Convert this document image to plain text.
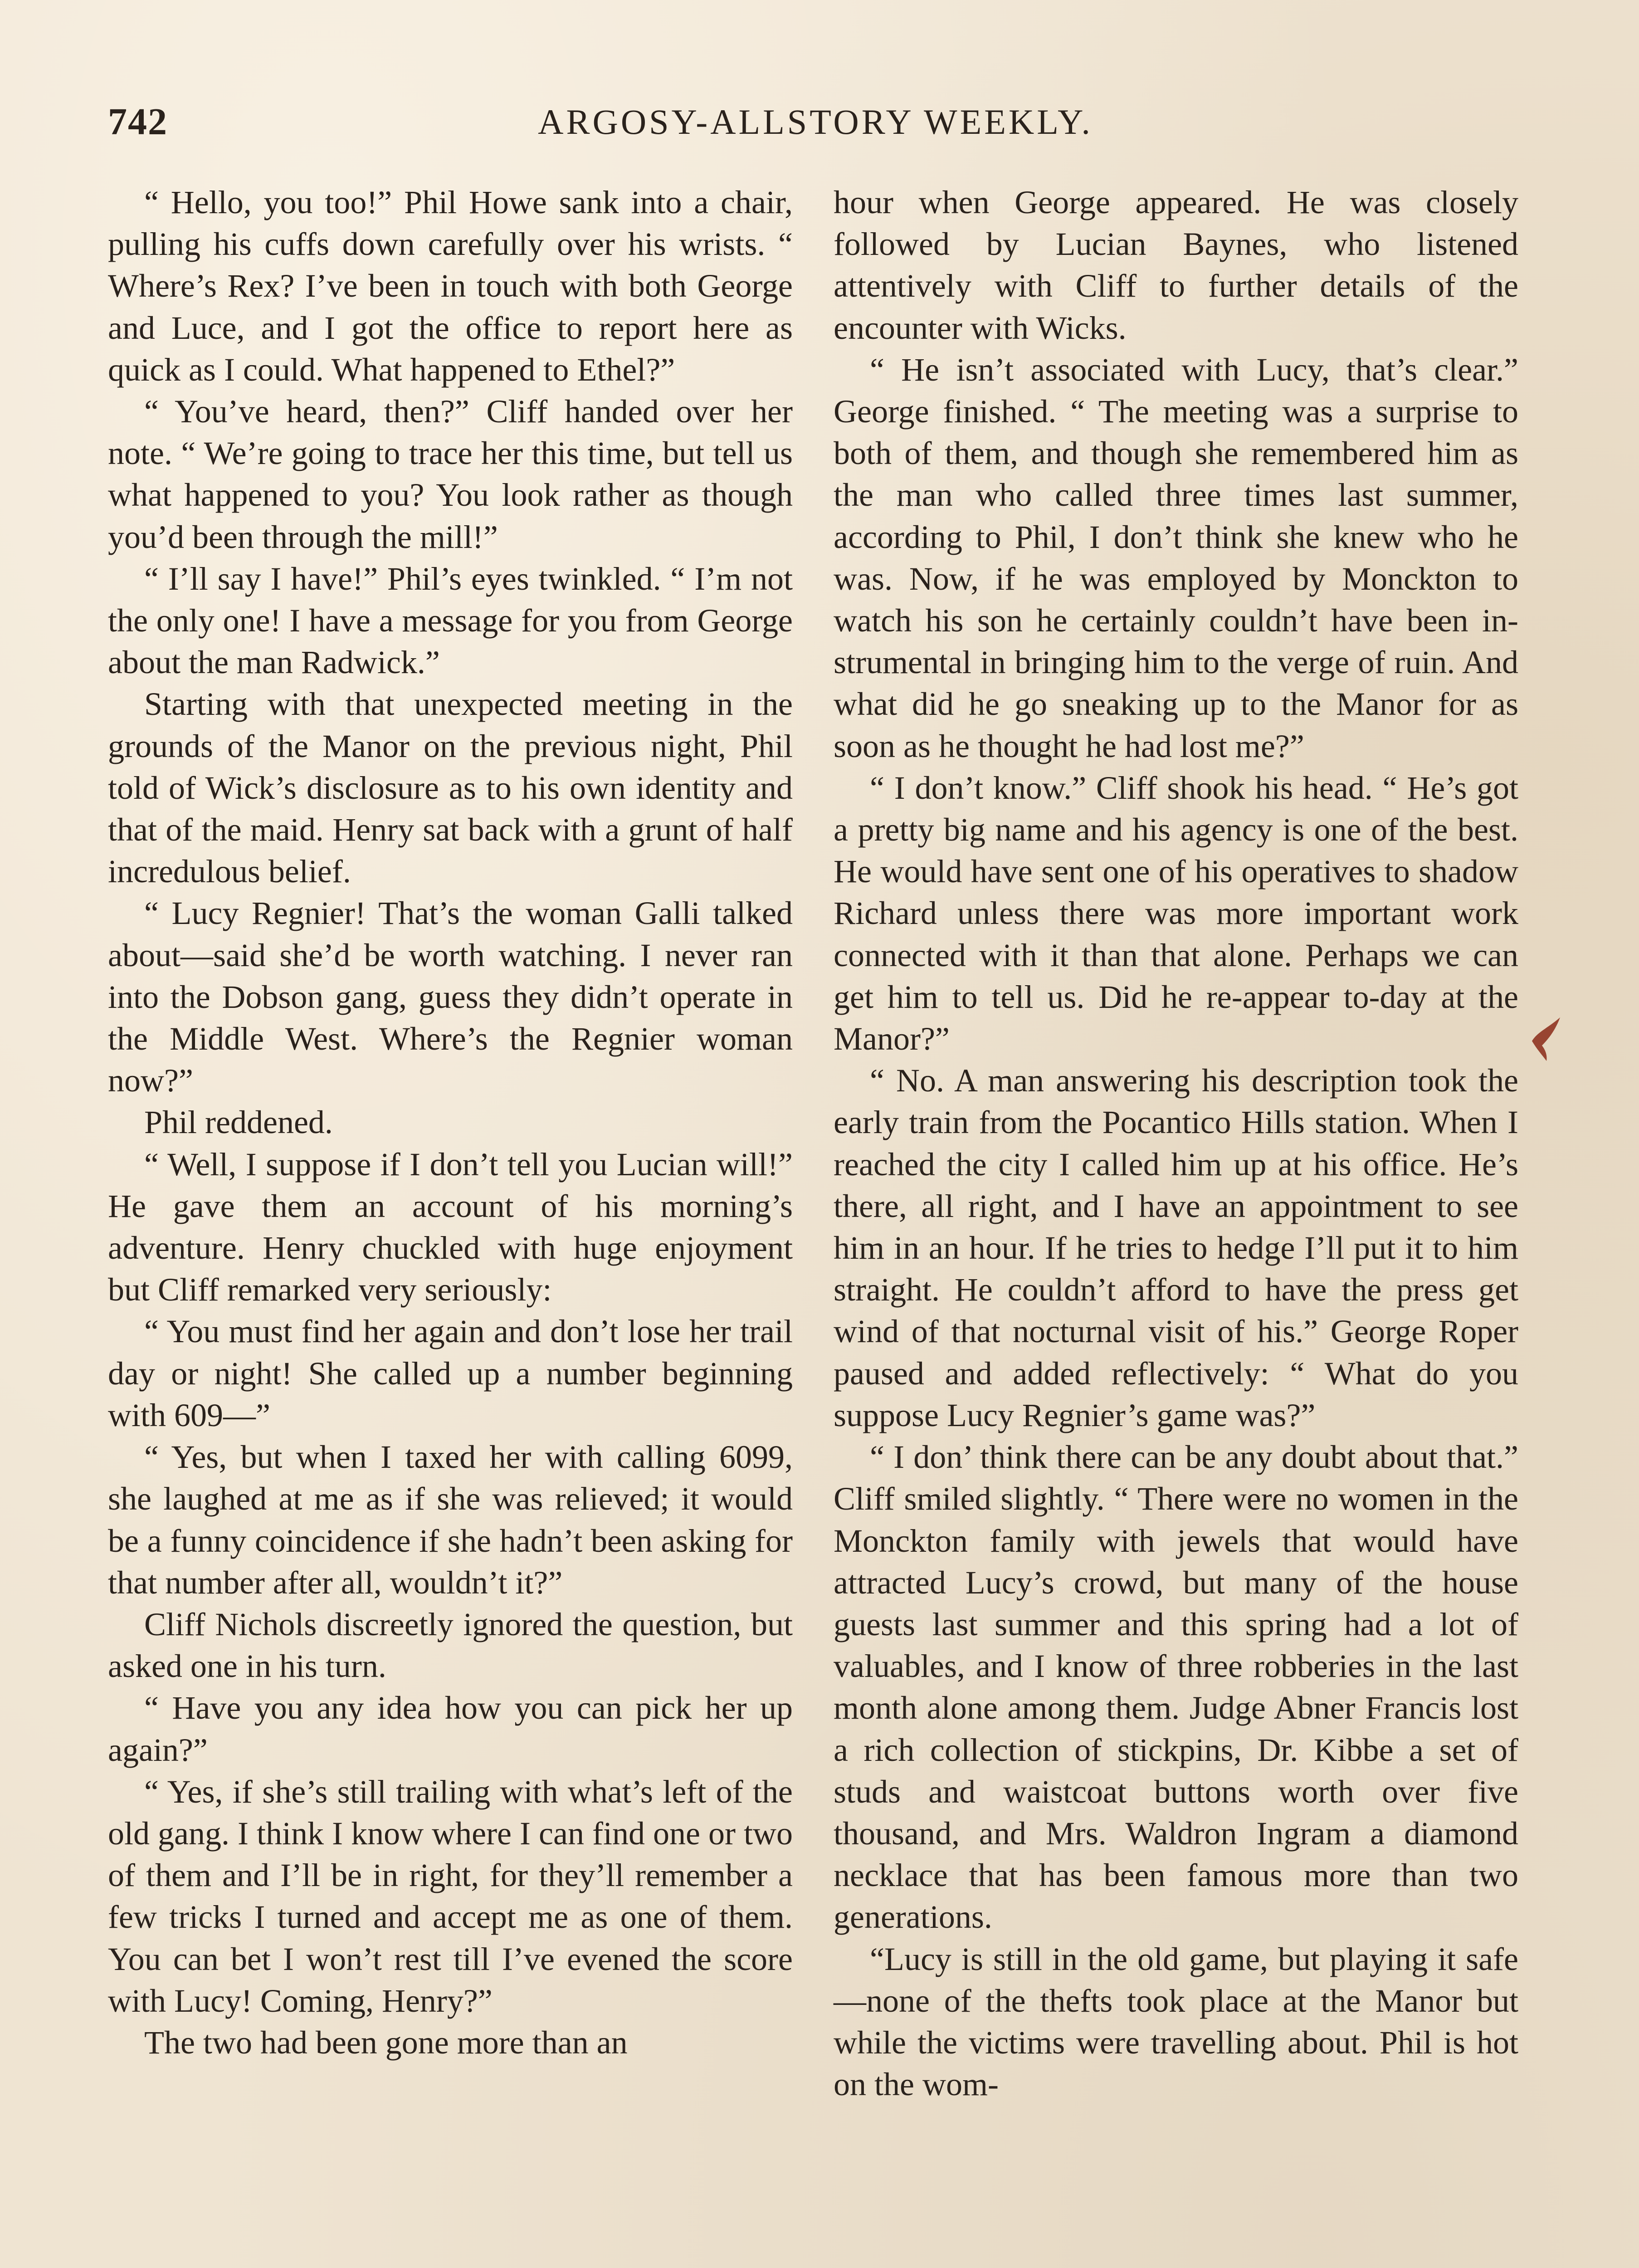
742	ARGOSY-ALLSTORY WEEKLY.

“ Hello, you too!” Phil Howe sank into a chair, pulling his cuffs down carefully over his wrists. “ Where’s Rex? I’ve been in touch with both George and Luce, and I got the office to report here as quick as I could. What happened to Ethel?”

“ You’ve heard, then?” Cliff handed over her note. “ We’re going to trace her this time, but tell us what happened to you? You look rather as though you’d been through the mill!”

“ I’ll say I have!” Phil’s eyes twinkled. “ I’m not the only one! I have a message for you from George about the man Radwick.”

Starting with that unexpected meeting in the grounds of the Manor on the previous night, Phil told of Wick’s disclosure as to his own identity and that of the maid. Henry sat back with a grunt of half incredulous belief.

“ Lucy Regnier! That’s the woman Galli talked about—said she’d be worth watching. I never ran into the Dobson gang, guess they didn’t operate in the Middle West. Where’s the Regnier woman now?”

Phil reddened.

“ Well, I suppose if I don’t tell you Lucian will!” He gave them an account of his morning’s adventure. Henry chuckled with huge enjoyment but Cliff remarked very seriously:

“ You must find her again and don’t lose her trail day or night! She called up a number beginning with 609—”

“ Yes, but when I taxed her with calling 6099, she laughed at me as if she was relieved; it would be a funny coincidence if she hadn’t been asking for that number after all, wouldn’t it?”

Cliff Nichols discreetly ignored the question, but asked one in his turn.

“ Have you any idea how you can pick her up again?”

“ Yes, if she’s still trailing with what’s left of the old gang. I think I know where I can find one or two of them and I’ll be in right, for they’ll remember a few tricks I turned and accept me as one of them. You can bet I won’t rest till I’ve evened the score with Lucy! Coming, Henry?”

The two had been gone more than an

hour when George appeared. He was closely followed by Lucian Baynes, who listened attentively with Cliff to further details of the encounter with Wicks.

“ He isn’t associated with Lucy, that’s clear.” George finished. “ The meeting was a surprise to both of them, and though she remembered him as the man who called three times last summer, according to Phil, I don’t think she knew who he was. Now, if he was employed by Monckton to watch his son he certainly couldn’t have been instrumental in bringing him to the verge of ruin. And what did he go sneaking up to the Manor for as soon as he thought he had lost me?”

“ I don’t know.” Cliff shook his head. “ He’s got a pretty big name and his agency is one of the best. He would have sent one of his operatives to shadow Richard unless there was more important work connected with it than that alone. Perhaps we can get him to tell us. Did he re-appear to-day at the Manor?”

“ No. A man answering his description took the early train from the Pocantico Hills station. When I reached the city I called him up at his office. He’s there, all right, and I have an appointment to see him in an hour. If he tries to hedge I’ll put it to him straight. He couldn’t afford to have the press get wind of that nocturnal visit of his.” George Roper paused and added reflectively: “ What do you suppose Lucy Regnier’s game was?”

“ I don’ think there can be any doubt about that.” Cliff smiled slightly. “ There were no women in the Monckton family with jewels that would have attracted Lucy’s crowd, but many of the house guests last summer and this spring had a lot of valuables, and I know of three robberies in the last month alone among them. Judge Abner Francis lost a rich collection of stickpins, Dr. Kibbe a set of studs and waistcoat buttons worth over five thousand, and Mrs. Waldron Ingram a diamond necklace that has been famous more than two generations.

“Lucy is still in the old game, but playing it safe—none of the thefts took place at the Manor but while the victims were travelling about. Phil is hot on the wom-
